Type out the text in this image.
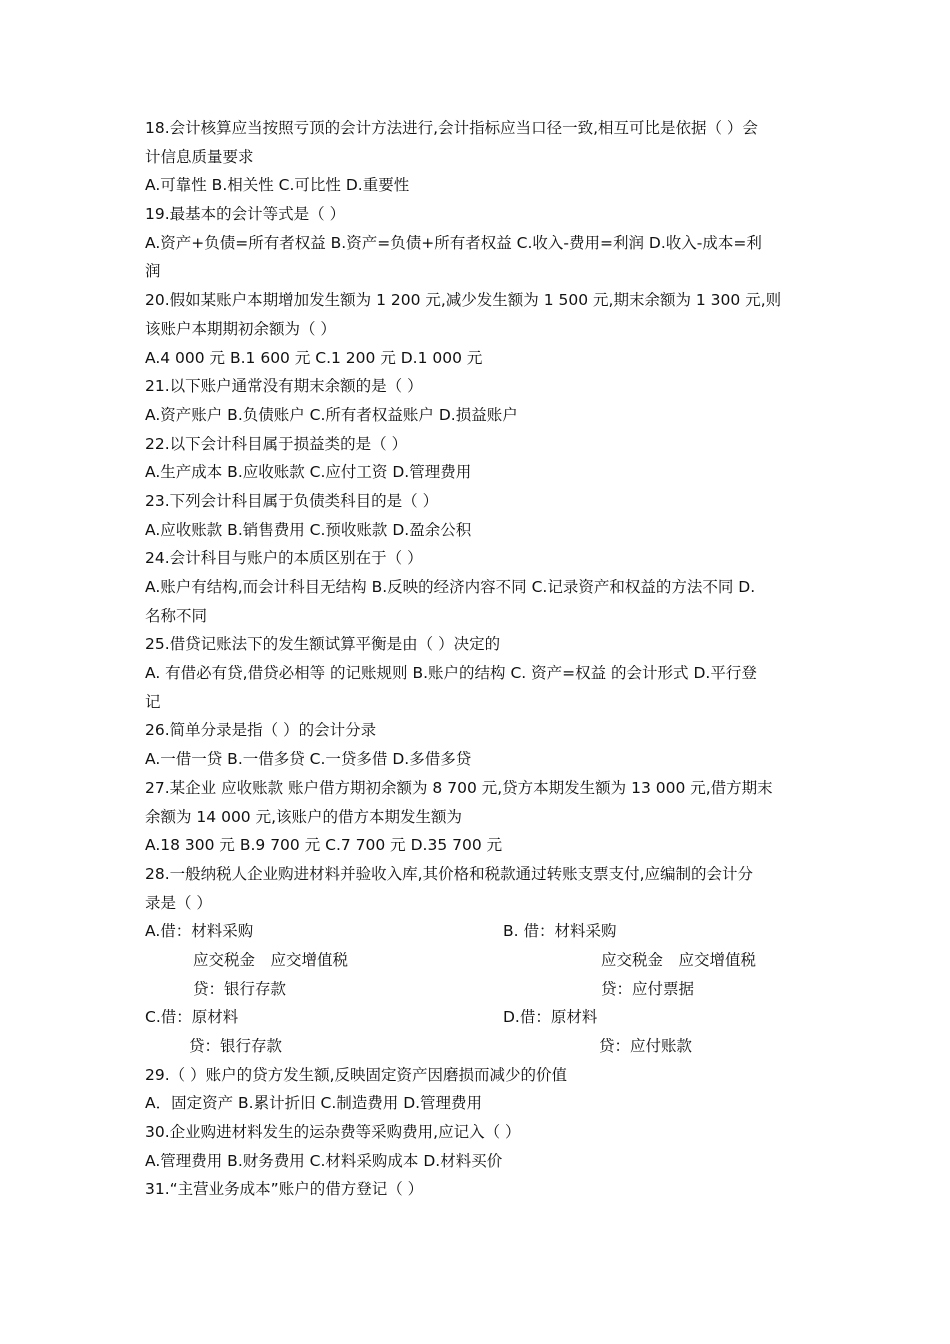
18.会计核算应当按照亏顶的会计方法进行,会计指标应当口径一致,相互可比是依据（ ）会
计信息质量要求
A.可靠性 B.相关性 C.可比性 D.重要性
19.最基本的会计等式是（ ）
A.资产+负债=所有者权益 B.资产=负债+所有者权益 C.收入-费用=利润 D.收入-成本=利
润
20.假如某账户本期增加发生额为 1 200 元,减少发生额为 1 500 元,期末余额为 1 300 元,则
该账户本期期初余额为（ ）
A.4 000 元 B.1 600 元 C.1 200 元 D.1 000 元
21.以下账户通常没有期末余额的是（ ）
A.资产账户 B.负债账户 C.所有者权益账户 D.损益账户
22.以下会计科目属于损益类的是（ ）
A.生产成本 B.应收账款 C.应付工资 D.管理费用
23.下列会计科目属于负债类科目的是（ ）
A.应收账款 B.销售费用 C.预收账款 D.盈余公积
24.会计科目与账户的本质区别在于（ ）
A.账户有结构,而会计科目无结构 B.反映的经济内容不同 C.记录资产和权益的方法不同 D.
名称不同
25.借贷记账法下的发生额试算平衡是由（ ）决定的
A. 有借必有贷,借贷必相等 的记账规则 B.账户的结构 C. 资产=权益 的会计形式 D.平行登
记
26.简单分录是指（ ）的会计分录
A.一借一贷 B.一借多贷 C.一贷多借 D.多借多贷
27.某企业 应收账款 账户借方期初余额为 8 700 元,贷方本期发生额为 13 000 元,借方期末
余额为 14 000 元,该账户的借方本期发生额为
A.18 300 元 B.9 700 元 C.7 700 元 D.35 700 元
28.一般纳税人企业购进材料并验收入库,其价格和税款通过转账支票支付,应编制的会计分
录是（ ）
A.借：材料采购	B. 借：材料采购
应交税金　应交增值税	应交税金　应交增值税
贷：银行存款	贷：应付票据
C.借：原材料	D.借：原材料
贷：银行存款	贷：应付账款
29.（ ）账户的贷方发生额,反映固定资产因磨损而减少的价值
A．固定资产 B.累计折旧 C.制造费用 D.管理费用
30.企业购进材料发生的运杂费等采购费用,应记入（ ）
A.管理费用 B.财务费用 C.材料采购成本 D.材料买价
31.“主营业务成本”账户的借方登记（ ）
